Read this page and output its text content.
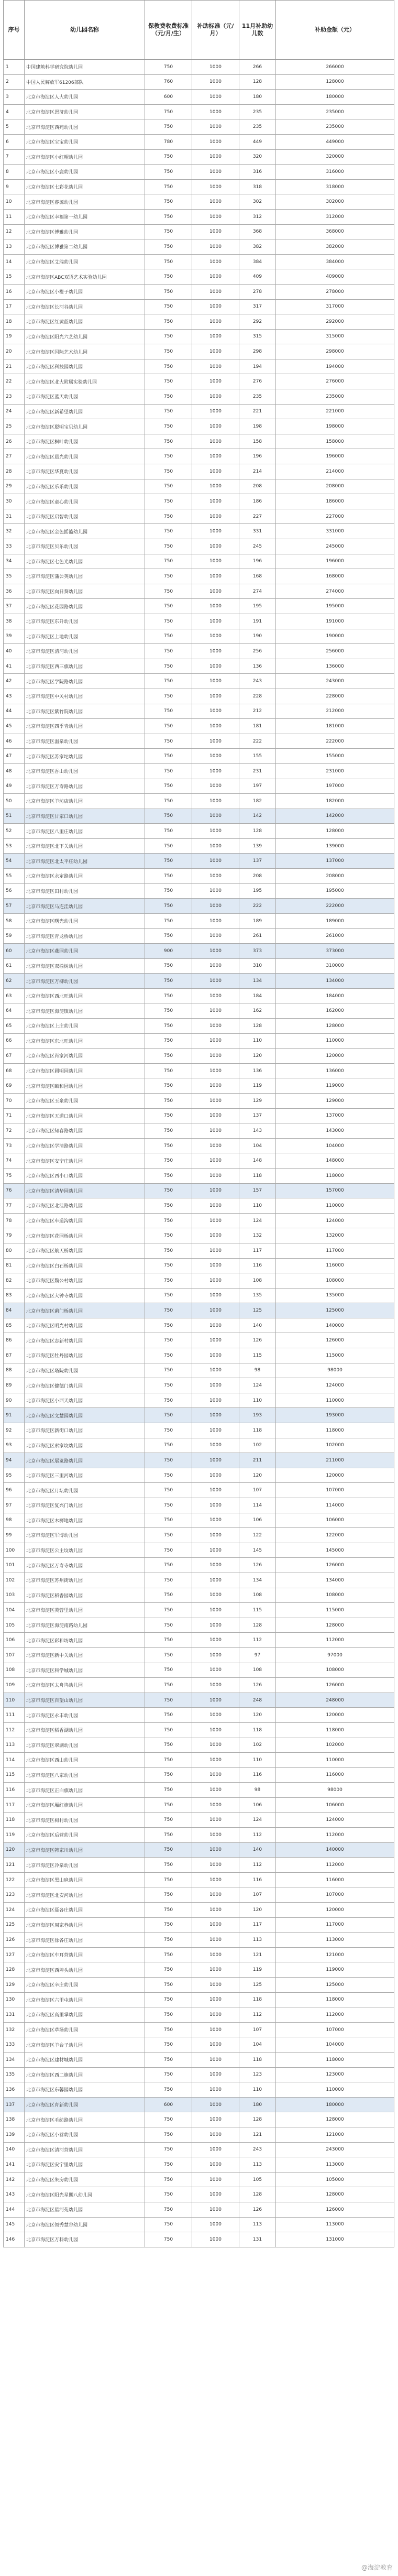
序号	幼儿园名称	保教费收费标准（元/月/生）	补助标准（元/月）	11月补助幼儿数	补助金额（元）
1	中国建筑科学研究院幼儿园	750	1000	266	266000
2	中国人民解放军61206部队	760	1000	128	128000
3	北京市海淀区人大幼儿园	600	1000	180	180000
4	北京市海淀区恩济幼儿园	750	1000	235	235000
5	北京市海淀区西苑幼儿园	750	1000	235	235000
6	北京市海淀区宝宝幼儿园	780	1000	449	449000
7	北京市海淀区小红帽幼儿园	750	1000	320	320000
8	北京市海淀区小鹿幼儿园	750	1000	316	316000
9	北京市海淀区七彩花幼儿园	750	1000	318	318000
10	北京市海淀区睿源幼儿园	750	1000	302	302000
11	北京市海淀区幸福第一幼儿园	750	1000	312	312000
12	北京市海淀区博雅幼儿园	750	1000	368	368000
13	北京市海淀区博雅第二幼儿园	750	1000	382	382000
14	北京市海淀区艾瑞幼儿园	750	1000	384	384000
15	北京市海淀区ABC双语艺术实验幼儿园	750	1000	409	409000
16	北京市海淀区小橙子幼儿园	750	1000	278	278000
17	北京市海淀区长河谷幼儿园	750	1000	317	317000
18	北京市海淀区红黄蓝幼儿园	750	1000	292	292000
19	北京市海淀区阳光六艺幼儿园	750	1000	315	315000
20	北京市海淀区国际艺术幼儿园	750	1000	298	298000
21	北京市海淀区科技园幼儿园	750	1000	194	194000
22	北京市海淀区北大附属实验幼儿园	750	1000	276	276000
23	北京市海淀区蓝天幼儿园	750	1000	235	235000
24	北京市海淀区新希望幼儿园	750	1000	221	221000
25	北京市海淀区聪明宝贝幼儿园	750	1000	198	198000
26	北京市海淀区枫叶幼儿园	750	1000	158	158000
27	北京市海淀区晨光幼儿园	750	1000	196	196000
28	北京市海淀区华夏幼儿园	750	1000	214	214000
29	北京市海淀区乐乐幼儿园	750	1000	208	208000
30	北京市海淀区童心幼儿园	750	1000	186	186000
31	北京市海淀区启智幼儿园	750	1000	227	227000
32	北京市海淀区金色摇篮幼儿园	750	1000	331	331000
33	北京市海淀区贝乐幼儿园	750	1000	245	245000
34	北京市海淀区七色光幼儿园	750	1000	196	196000
35	北京市海淀区蒲公英幼儿园	750	1000	168	168000
36	北京市海淀区向日葵幼儿园	750	1000	274	274000
37	北京市海淀区花园路幼儿园	750	1000	195	195000
38	北京市海淀区东升幼儿园	750	1000	191	191000
39	北京市海淀区上地幼儿园	750	1000	190	190000
40	北京市海淀区清河幼儿园	750	1000	256	256000
41	北京市海淀区西三旗幼儿园	750	1000	136	136000
42	北京市海淀区学院路幼儿园	750	1000	243	243000
43	北京市海淀区中关村幼儿园	750	1000	228	228000
44	北京市海淀区紫竹院幼儿园	750	1000	212	212000
45	北京市海淀区四季青幼儿园	750	1000	181	181000
46	北京市海淀区温泉幼儿园	750	1000	222	222000
47	北京市海淀区苏家坨幼儿园	750	1000	155	155000
48	北京市海淀区香山幼儿园	750	1000	231	231000
49	北京市海淀区万寿路幼儿园	750	1000	197	197000
50	北京市海淀区羊坊店幼儿园	750	1000	182	182000
51	北京市海淀区甘家口幼儿园	750	1000	142	142000
52	北京市海淀区八里庄幼儿园	750	1000	128	128000
53	北京市海淀区北下关幼儿园	750	1000	139	139000
54	北京市海淀区北太平庄幼儿园	750	1000	137	137000
55	北京市海淀区永定路幼儿园	750	1000	208	208000
56	北京市海淀区田村幼儿园	750	1000	195	195000
57	北京市海淀区马连洼幼儿园	750	1000	222	222000
58	北京市海淀区曙光幼儿园	750	1000	189	189000
59	北京市海淀区青龙桥幼儿园	750	1000	261	261000
60	北京市海淀区燕园幼儿园	900	1000	373	373000
61	北京市海淀区双榆树幼儿园	750	1000	310	310000
62	北京市海淀区万柳幼儿园	750	1000	134	134000
63	北京市海淀区西北旺幼儿园	750	1000	184	184000
64	北京市海淀区海淀镇幼儿园	750	1000	162	162000
65	北京市海淀区上庄幼儿园	750	1000	128	128000
66	北京市海淀区东北旺幼儿园	750	1000	110	110000
67	北京市海淀区肖家河幼儿园	750	1000	120	120000
68	北京市海淀区圆明园幼儿园	750	1000	136	136000
69	北京市海淀区颐和园幼儿园	750	1000	119	119000
70	北京市海淀区玉泉幼儿园	750	1000	129	129000
71	北京市海淀区五道口幼儿园	750	1000	137	137000
72	北京市海淀区知春路幼儿园	750	1000	143	143000
73	北京市海淀区学清路幼儿园	750	1000	104	104000
74	北京市海淀区安宁庄幼儿园	750	1000	148	148000
75	北京市海淀区西小口幼儿园	750	1000	118	118000
76	北京市海淀区清华园幼儿园	750	1000	157	157000
77	北京市海淀区北洼路幼儿园	750	1000	110	110000
78	北京市海淀区车道沟幼儿园	750	1000	124	124000
79	北京市海淀区花园桥幼儿园	750	1000	132	132000
80	北京市海淀区航天桥幼儿园	750	1000	117	117000
81	北京市海淀区白石桥幼儿园	750	1000	116	116000
82	北京市海淀区魏公村幼儿园	750	1000	108	108000
83	北京市海淀区大钟寺幼儿园	750	1000	135	135000
84	北京市海淀区蓟门桥幼儿园	750	1000	125	125000
85	北京市海淀区明光村幼儿园	750	1000	140	140000
86	北京市海淀区志新村幼儿园	750	1000	126	126000
87	北京市海淀区牡丹园幼儿园	750	1000	115	115000
88	北京市海淀区塔院幼儿园	750	1000	98	98000
89	北京市海淀区健德门幼儿园	750	1000	124	124000
90	北京市海淀区小西天幼儿园	750	1000	110	110000
91	北京市海淀区文慧园幼儿园	750	1000	193	193000
92	北京市海淀区新街口幼儿园	750	1000	118	118000
93	北京市海淀区索家坟幼儿园	750	1000	102	102000
94	北京市海淀区展览路幼儿园	750	1000	211	211000
95	北京市海淀区三里河幼儿园	750	1000	120	120000
96	北京市海淀区月坛幼儿园	750	1000	107	107000
97	北京市海淀区复兴门幼儿园	750	1000	114	114000
98	北京市海淀区木樨地幼儿园	750	1000	106	106000
99	北京市海淀区军博幼儿园	750	1000	122	122000
100	北京市海淀区公主坟幼儿园	750	1000	145	145000
101	北京市海淀区万寿寺幼儿园	750	1000	126	126000
102	北京市海淀区苏州街幼儿园	750	1000	134	134000
103	北京市海淀区稻香园幼儿园	750	1000	108	108000
104	北京市海淀区芙蓉里幼儿园	750	1000	115	115000
105	北京市海淀区海淀南路幼儿园	750	1000	128	128000
106	北京市海淀区彩和坊幼儿园	750	1000	112	112000
107	北京市海淀区新中关幼儿园	750	1000	97	97000
108	北京市海淀区科学城幼儿园	750	1000	108	108000
109	北京市海淀区太舟坞幼儿园	750	1000	126	126000
110	北京市海淀区百望山幼儿园	750	1000	248	248000
111	北京市海淀区永丰幼儿园	750	1000	120	120000
112	北京市海淀区稻香湖幼儿园	750	1000	118	118000
113	北京市海淀区翠湖幼儿园	750	1000	102	102000
114	北京市海淀区西山幼儿园	750	1000	110	110000
115	北京市海淀区八家幼儿园	750	1000	116	116000
116	北京市海淀区正白旗幼儿园	750	1000	98	98000
117	北京市海淀区厢红旗幼儿园	750	1000	106	106000
118	北京市海淀区树村幼儿园	750	1000	124	124000
119	北京市海淀区后营幼儿园	750	1000	112	112000
120	北京市海淀区韩家川幼儿园	750	1000	140	140000
121	北京市海淀区冷泉幼儿园	750	1000	112	112000
122	北京市海淀区黑山扈幼儿园	750	1000	116	116000
123	北京市海淀区北安河幼儿园	750	1000	107	107000
124	北京市海淀区聂各庄幼儿园	750	1000	120	120000
125	北京市海淀区周家巷幼儿园	750	1000	117	117000
126	北京市海淀区徐各庄幼儿园	750	1000	113	113000
127	北京市海淀区车耳营幼儿园	750	1000	121	121000
128	北京市海淀区西埠头幼儿园	750	1000	119	119000
129	北京市海淀区辛庄幼儿园	750	1000	125	125000
130	北京市海淀区六里屯幼儿园	750	1000	118	118000
131	北京市海淀区高里掌幼儿园	750	1000	112	112000
132	北京市海淀区草场幼儿园	750	1000	107	107000
133	北京市海淀区羊台子幼儿园	750	1000	104	104000
134	北京市海淀区建材城幼儿园	750	1000	118	118000
135	北京市海淀区西二旗幼儿园	750	1000	123	123000
136	北京市海淀区东馨园幼儿园	750	1000	110	110000
137	北京市海淀区育新幼儿园	600	1000	180	180000
138	北京市海淀区毛纺路幼儿园	750	1000	128	128000
139	北京市海淀区小营幼儿园	750	1000	121	121000
140	北京市海淀区清河营幼儿园	750	1000	243	243000
141	北京市海淀区安宁里幼儿园	750	1000	113	113000
142	北京市海淀区朱房幼儿园	750	1000	105	105000
143	北京市海淀区阳光星期八幼儿园	750	1000	128	128000
144	北京市海淀区星河苑幼儿园	750	1000	126	126000
145	北京市海淀区领秀慧谷幼儿园	750	1000	113	113000
146	北京市海淀区万科幼儿园	750	1000	131	131000
@海淀教育
